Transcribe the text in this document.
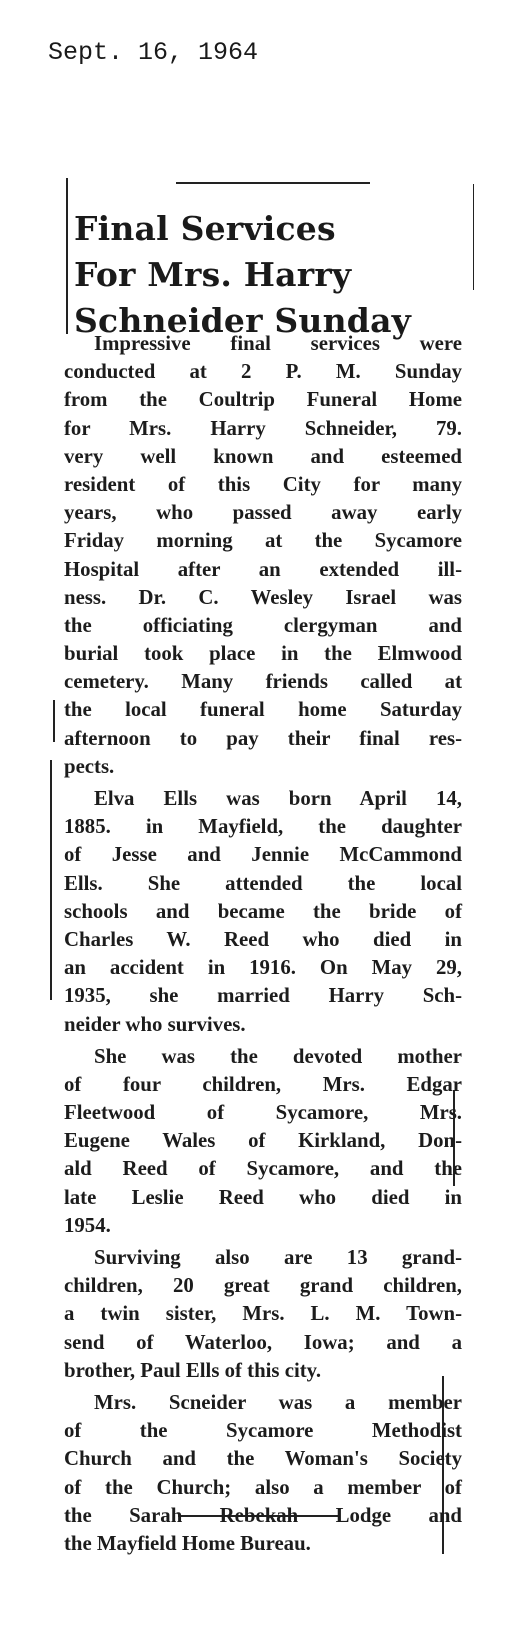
Sept. 16, 1964
Final Services
For Mrs. Harry
Schneider Sunday
Impressive final services were
conducted at 2 P. M. Sunday
from the Coultrip Funeral Home
for Mrs. Harry Schneider, 79.
very well known and esteemed
resident of this City for many
years, who passed away early
Friday morning at the Sycamore
Hospital after an extended ill-
ness. Dr. C. Wesley Israel was
the officiating clergyman and
burial took place in the Elmwood
cemetery. Many friends called at
the local funeral home Saturday
afternoon to pay their final res-
pects.
Elva Ells was born April 14,
1885. in Mayfield, the daughter
of Jesse and Jennie McCammond
Ells. She attended the local
schools and became the bride of
Charles W. Reed who died in
an accident in 1916. On May 29,
1935, she married Harry Sch-
neider who survives.
She was the devoted mother
of four children, Mrs. Edgar
Fleetwood of Sycamore, Mrs.
Eugene Wales of Kirkland, Don-
ald Reed of Sycamore, and the
late Leslie Reed who died in
1954.
Surviving also are 13 grand-
children, 20 great grand children,
a twin sister, Mrs. L. M. Town-
send of Waterloo, Iowa; and a
brother, Paul Ells of this city.
Mrs. Scneider was a member
of the Sycamore Methodist
Church and the Woman's Society
of the Church; also a member of
the Sarah Rebekah Lodge and
the Mayfield Home Bureau.
